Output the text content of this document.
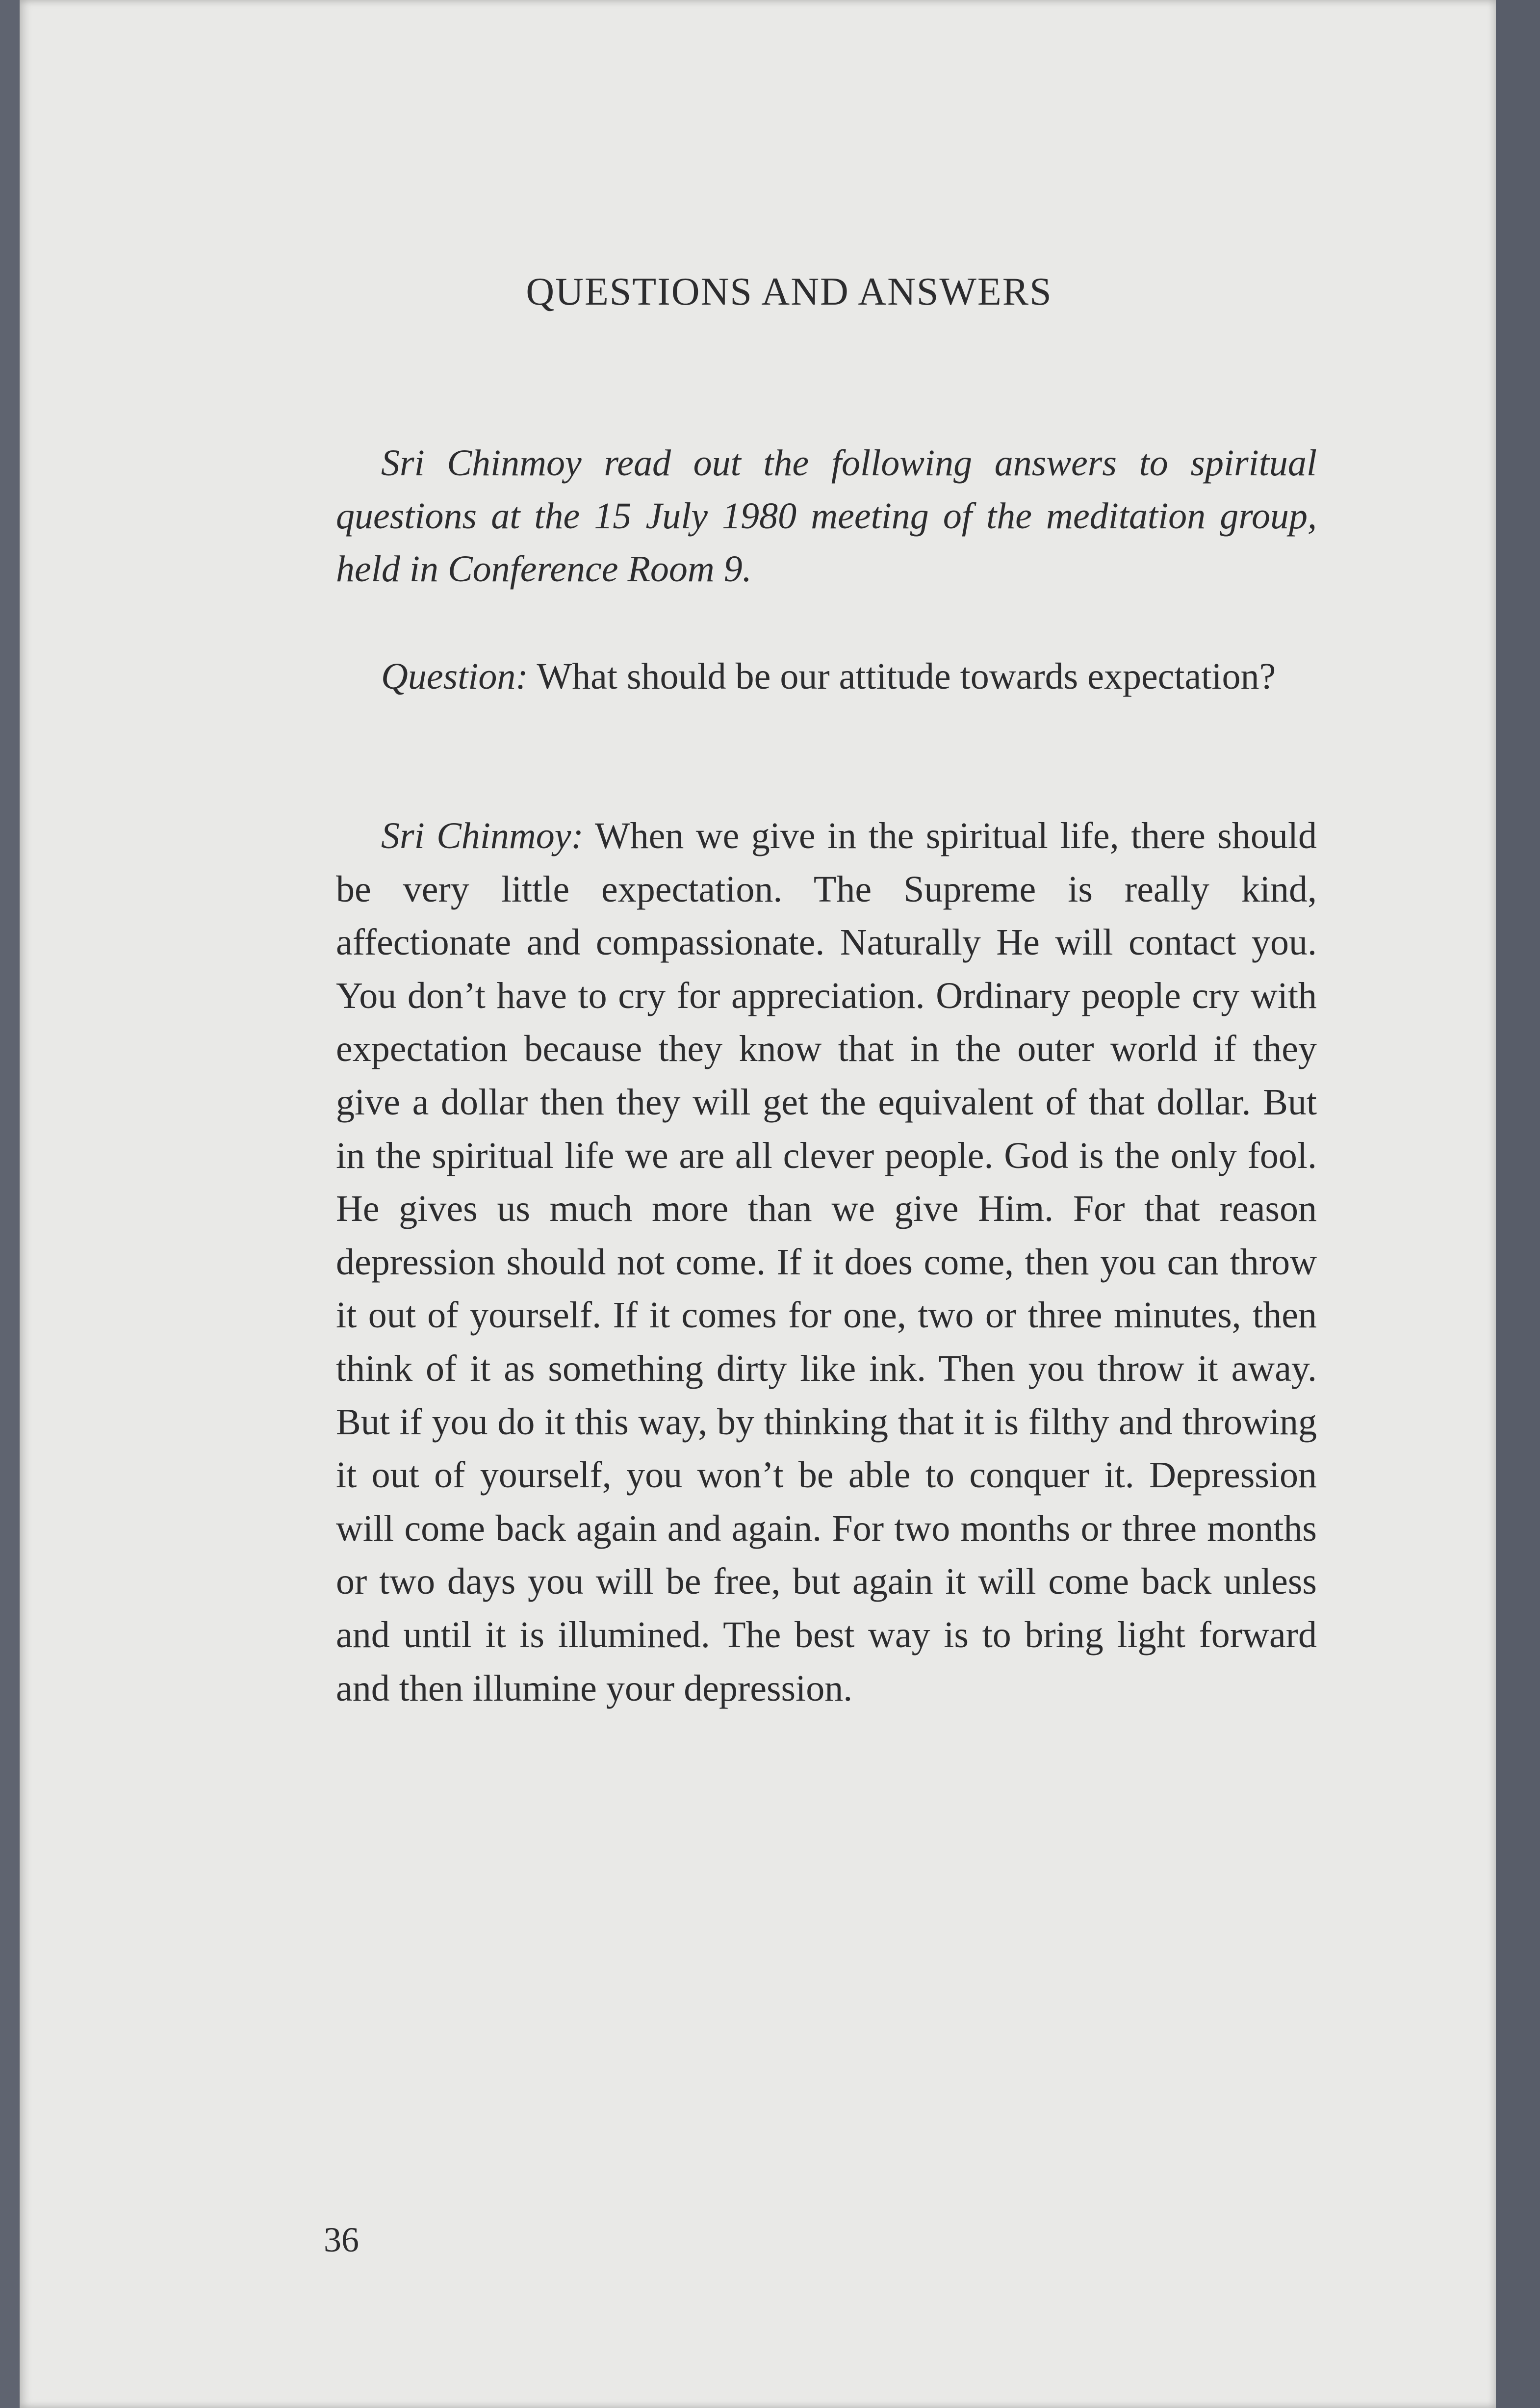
QUESTIONS AND ANSWERS

Sri Chinmoy read out the following answers to spiritual questions at the 15 July 1980 meeting of the meditation group, held in Conference Room 9.

Question: What should be our attitude towards expectation?

Sri Chinmoy: When we give in the spiritual life, there should be very little expectation. The Supreme is really kind, affectionate and compassionate. Naturally He will contact you. You don’t have to cry for appreciation. Ordinary people cry with expectation because they know that in the outer world if they give a dollar then they will get the equivalent of that dollar. But in the spiritual life we are all clever people. God is the only fool. He gives us much more than we give Him. For that reason depression should not come. If it does come, then you can throw it out of yourself. If it comes for one, two or three minutes, then think of it as something dirty like ink. Then you throw it away. But if you do it this way, by thinking that it is filthy and throwing it out of yourself, you won’t be able to conquer it. Depression will come back again and again. For two months or three months or two days you will be free, but again it will come back unless and until it is illumined. The best way is to bring light forward and then illumine your depression.

36
